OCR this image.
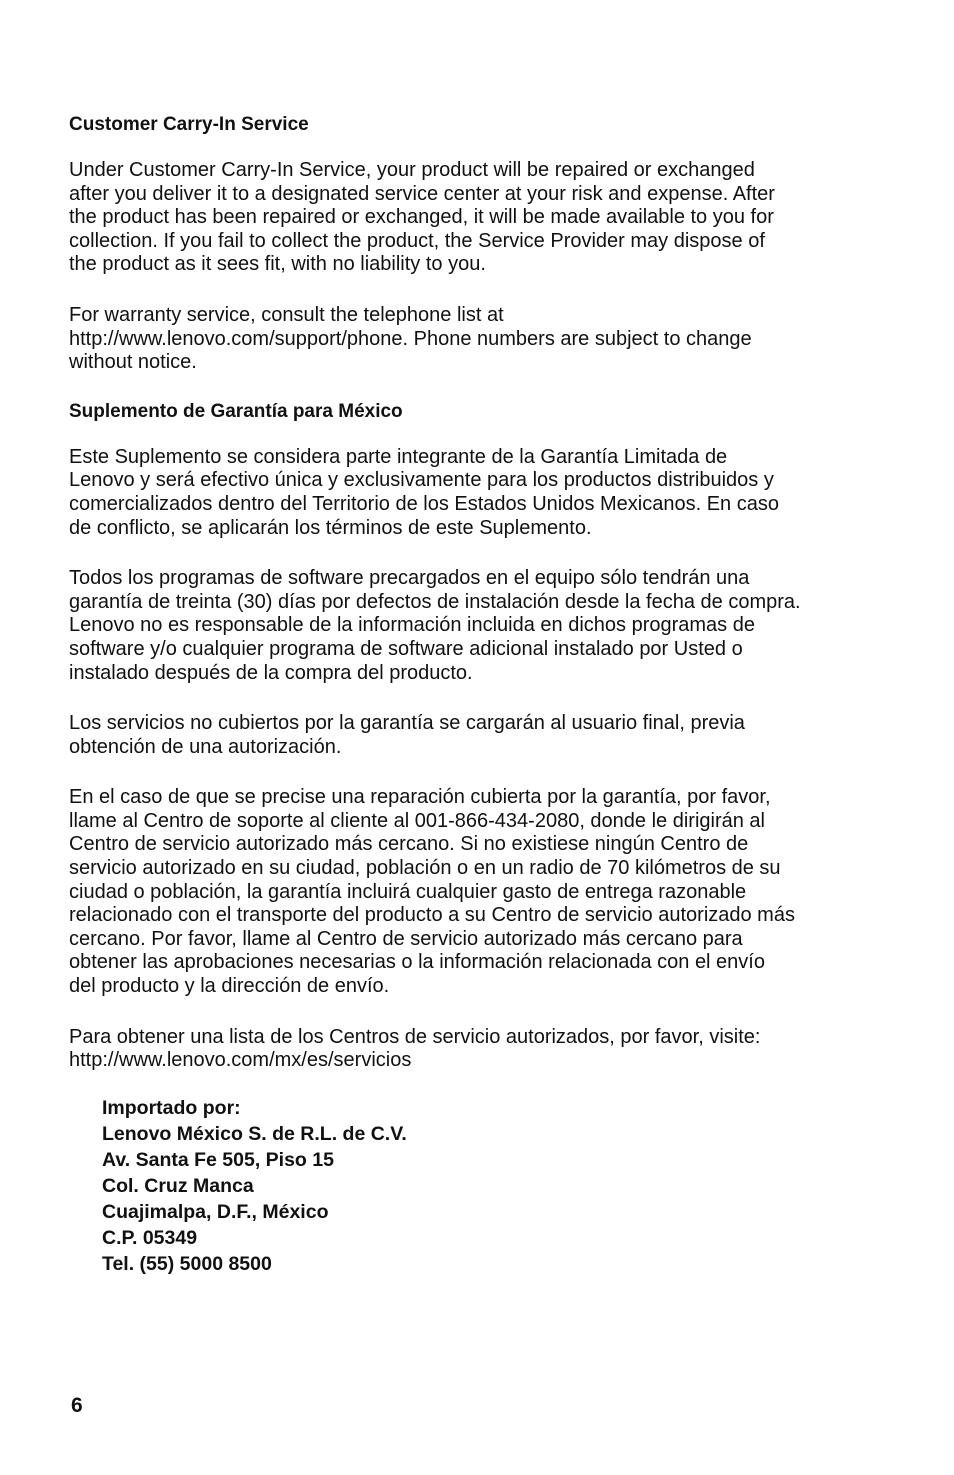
Customer Carry-In Service
Under Customer Carry-In Service, your product will be repaired or exchanged
after you deliver it to a designated service center at your risk and expense. After
the product has been repaired or exchanged, it will be made available to you for
collection. If you fail to collect the product, the Service Provider may dispose of
the product as it sees fit, with no liability to you.
For warranty service, consult the telephone list at
http://www.lenovo.com/support/phone. Phone numbers are subject to change
without notice.
Suplemento de Garantía para México
Este Suplemento se considera parte integrante de la Garantía Limitada de
Lenovo y será efectivo única y exclusivamente para los productos distribuidos y
comercializados dentro del Territorio de los Estados Unidos Mexicanos. En caso
de conflicto, se aplicarán los términos de este Suplemento.
Todos los programas de software precargados en el equipo sólo tendrán una
garantía de treinta (30) días por defectos de instalación desde la fecha de compra.
Lenovo no es responsable de la información incluida en dichos programas de
software y/o cualquier programa de software adicional instalado por Usted o
instalado después de la compra del producto.
Los servicios no cubiertos por la garantía se cargarán al usuario final, previa
obtención de una autorización.
En el caso de que se precise una reparación cubierta por la garantía, por favor,
llame al Centro de soporte al cliente al 001-866-434-2080, donde le dirigirán al
Centro de servicio autorizado más cercano. Si no existiese ningún Centro de
servicio autorizado en su ciudad, población o en un radio de 70 kilómetros de su
ciudad o población, la garantía incluirá cualquier gasto de entrega razonable
relacionado con el transporte del producto a su Centro de servicio autorizado más
cercano. Por favor, llame al Centro de servicio autorizado más cercano para
obtener las aprobaciones necesarias o la información relacionada con el envío
del producto y la dirección de envío.
Para obtener una lista de los Centros de servicio autorizados, por favor, visite:
http://www.lenovo.com/mx/es/servicios
Importado por:
Lenovo México S. de R.L. de C.V.
Av. Santa Fe 505, Piso 15
Col. Cruz Manca
Cuajimalpa, D.F., México
C.P. 05349
Tel. (55) 5000 8500
6
